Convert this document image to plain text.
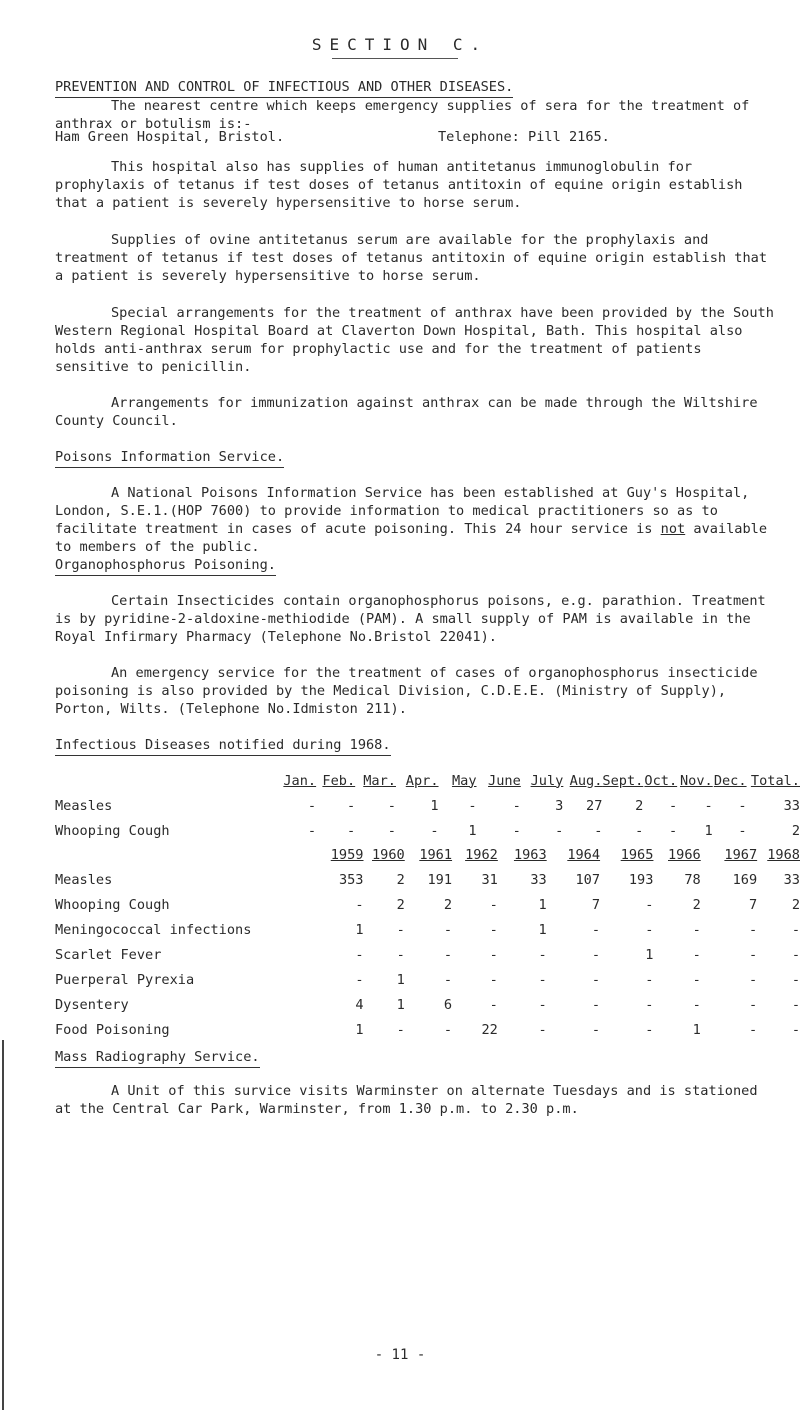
SECTION C.
PREVENTION AND CONTROL OF INFECTIOUS AND OTHER DISEASES.

The nearest centre which keeps emergency supplies of sera for the treatment of anthrax or botulism is:-

Ham Green Hospital, Bristol.	Telephone: Pill 2165.

This hospital also has supplies of human antitetanus immunoglobulin for prophylaxis of tetanus if test doses of tetanus antitoxin of equine origin establish that a patient is severely hypersensitive to horse serum.

Supplies of ovine antitetanus serum are available for the prophylaxis and treatment of tetanus if test doses of tetanus antitoxin of equine origin establish that a patient is severely hypersensitive to horse serum.

Special arrangements for the treatment of anthrax have been provided by the South Western Regional Hospital Board at Claverton Down Hospital, Bath. This hospital also holds anti-anthrax serum for prophylactic use and for the treatment of patients sensitive to penicillin.

Arrangements for immunization against anthrax can be made through the Wiltshire County Council.

Poisons Information Service.

A National Poisons Information Service has been established at Guy's Hospital, London, S.E.1.(HOP 7600) to provide information to medical practitioners so as to facilitate treatment in cases of acute poisoning. This 24 hour service is not available to members of the public.

Organophosphorus Poisoning.

Certain Insecticides contain organophosphorus poisons, e.g. parathion. Treatment is by pyridine-2-aldoxine-methiodide (PAM). A small supply of PAM is available in the Royal Infirmary Pharmacy (Telephone No.Bristol 22041).

An emergency service for the treatment of cases of organophosphorus insecticide poisoning is also provided by the Medical Division, C.D.E.E. (Ministry of Supply), Porton, Wilts. (Telephone No.Idmiston 211).

Infectious Diseases notified during 1968.
	Jan.	Feb.	Mar.	Apr.	May	June	July	Aug.	Sept.	Oct.	Nov.	Dec.	Total.
Measles	-	-	-	1	-	-	3	27	2	-	-	-	33
Whooping Cough	-	-	-	-	1	-	-	-	-	-	1	-	2
	1959	1960	1961	1962	1963	1964	1965	1966	1967	1968
Measles	353	2	191	31	33	107	193	78	169	33
Whooping Cough	-	2	2	-	1	7	-	2	7	2
Meningococcal infections	1	-	-	-	1	-	-	-	-	-
Scarlet Fever	-	-	-	-	-	-	1	-	-	-
Puerperal Pyrexia	-	1	-	-	-	-	-	-	-	-
Dysentery	4	1	6	-	-	-	-	-	-	-
Food Poisoning	1	-	-	22	-	-	-	1	-	-
Mass Radiography Service.

A Unit of this survice visits Warminster on alternate Tuesdays and is stationed at the Central Car Park, Warminster, from 1.30 p.m. to 2.30 p.m.

- 11 -
